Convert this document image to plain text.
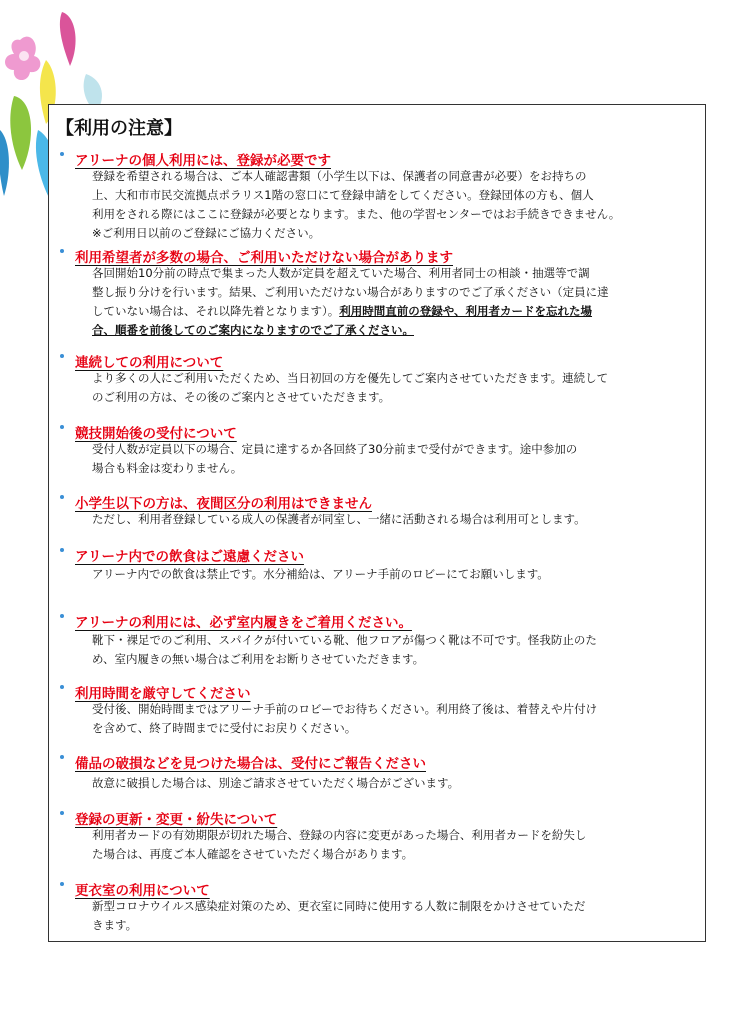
【利用の注意】
アリーナの個人利用には、登録が必要です
登録を希望される場合は、ご本人確認書類（小学生以下は、保護者の同意書が必要）をお持ちの
上、大和市市民交流拠点ポラリス1階の窓口にて登録申請をしてください。登録団体の方も、個人
利用をされる際にはここに登録が必要となります。また、他の学習センターではお手続きできません。
※ご利用日以前のご登録にご協力ください。
利用希望者が多数の場合、ご利用いただけない場合があります
各回開始10分前の時点で集まった人数が定員を超えていた場合、利用者同士の相談・抽選等で調
整し振り分けを行います。結果、ご利用いただけない場合がありますのでご了承ください（定員に達
していない場合は、それ以降先着となります）。利用時間直前の登録や、利用者カードを忘れた場
合、順番を前後してのご案内になりますのでご了承ください。
連続しての利用について
より多くの人にご利用いただくため、当日初回の方を優先してご案内させていただきます。連続して
のご利用の方は、その後のご案内とさせていただきます。
競技開始後の受付について
受付人数が定員以下の場合、定員に達するか各回終了30分前まで受付ができます。途中参加の
場合も料金は変わりません。
小学生以下の方は、夜間区分の利用はできません
ただし、利用者登録している成人の保護者が同室し、一緒に活動される場合は利用可とします。
アリーナ内での飲食はご遠慮ください
アリーナ内での飲食は禁止です。水分補給は、アリーナ手前のロビーにてお願いします。
アリーナの利用には、必ず室内履きをご着用ください。
靴下・裸足でのご利用、スパイクが付いている靴、他フロアが傷つく靴は不可です。怪我防止のた
め、室内履きの無い場合はご利用をお断りさせていただきます。
利用時間を厳守してください
受付後、開始時間まではアリーナ手前のロビーでお待ちください。利用終了後は、着替えや片付け
を含めて、終了時間までに受付にお戻りください。
備品の破損などを見つけた場合は、受付にご報告ください
故意に破損した場合は、別途ご請求させていただく場合がございます。
登録の更新・変更・紛失について
利用者カードの有効期限が切れた場合、登録の内容に変更があった場合、利用者カードを紛失し
た場合は、再度ご本人確認をさせていただく場合があります。
更衣室の利用について
新型コロナウイルス感染症対策のため、更衣室に同時に使用する人数に制限をかけさせていただ
きます。
